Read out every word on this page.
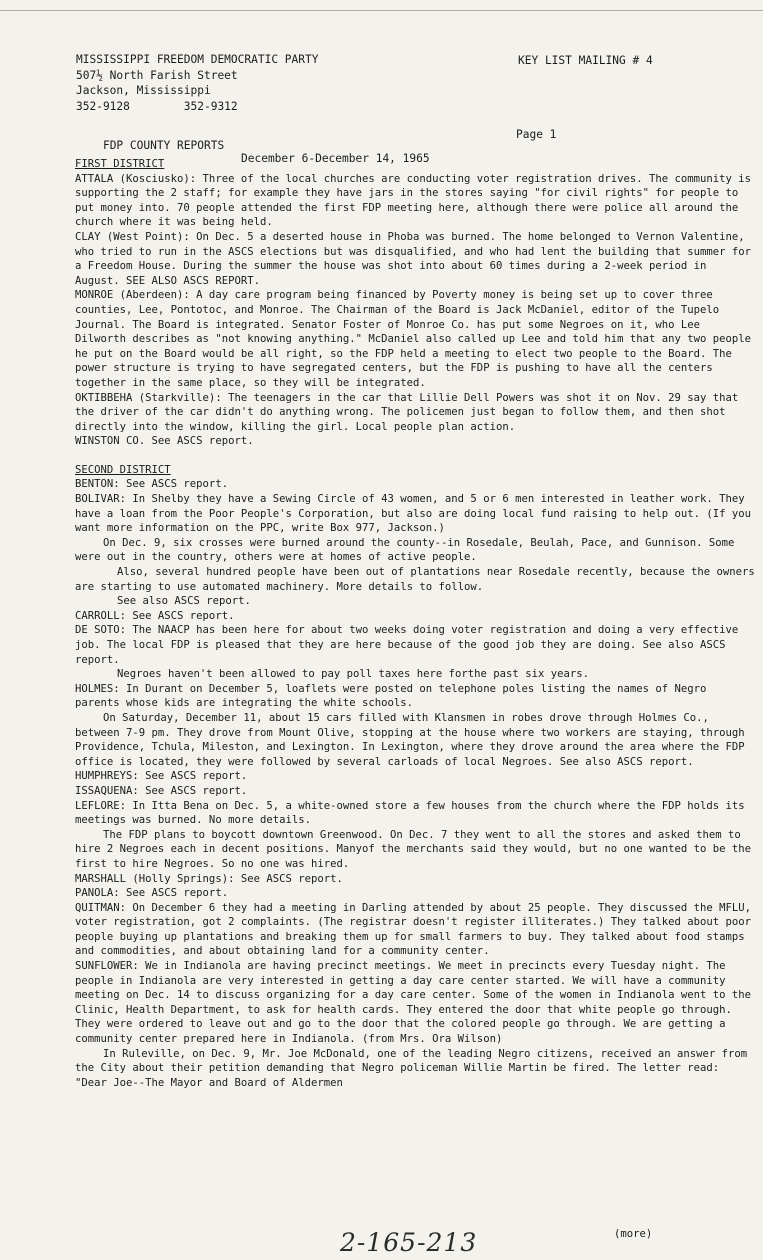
MISSISSIPPI FREEDOM DEMOCRATIC PARTY
507½ North Farish Street
Jackson, Mississippi
352-9128        352-9312
KEY LIST MAILING # 4

FDP COUNTY REPORTS

December 6-December 14, 1965

Page 1

FIRST DISTRICT

ATTALA (Kosciusko): Three of the local churches are conducting voter registration drives. The community is supporting the 2 staff; for example they have jars in the stores saying "for civil rights" for people to put money into. 70 people attended the first FDP meeting here, although there were police all around the church where it was being held.

CLAY (West Point): On Dec. 5 a deserted house in Phoba was burned. The home belonged to Vernon Valentine, who tried to run in the ASCS elections but was disqualified, and who had lent the building that summer for a Freedom House. During the summer the house was shot into about 60 times during a 2-week period in August. SEE ALSO ASCS REPORT.

MONROE (Aberdeen): A day care program being financed by Poverty money is being set up to cover three counties, Lee, Pontotoc, and Monroe. The Chairman of the Board is Jack McDaniel, editor of the Tupelo Journal. The Board is integrated. Senator Foster of Monroe Co. has put some Negroes on it, who Lee Dilworth describes as "not knowing anything." McDaniel also called up Lee and told him that any two people he put on the Board would be all right, so the FDP held a meeting to elect two people to the Board. The power structure is trying to have segregated centers, but the FDP is pushing to have all the centers together in the same place, so they will be integrated.

OKTIBBEHA (Starkville): The teenagers in the car that Lillie Dell Powers was shot it on Nov. 29 say that the driver of the car didn't do anything wrong. The policemen just began to follow them, and then shot directly into the window, killing the girl. Local people plan action.

WINSTON CO. See ASCS report.

SECOND DISTRICT

BENTON: See ASCS report.

BOLIVAR: In Shelby they have a Sewing Circle of 43 women, and 5 or 6 men interested in leather work. They have a loan from the Poor People's Corporation, but also are doing local fund raising to help out. (If you want more information on the PPC, write Box 977, Jackson.)

On Dec. 9, six crosses were burned around the county--in Rosedale, Beulah, Pace, and Gunnison. Some were out in the country, others were at homes of active people.

Also, several hundred people have been out of plantations near Rosedale recently, because the owners are starting to use automated machinery. More details to follow.

See also ASCS report.

CARROLL: See ASCS report.

DE SOTO: The NAACP has been here for about two weeks doing voter registration and doing a very effective job. The local FDP is pleased that they are here because of the good job they are doing. See also ASCS report.

Negroes haven't been allowed to pay poll taxes here forthe past six years.

HOLMES: In Durant on December 5, loaflets were posted on telephone poles listing the names of Negro parents whose kids are integrating the white schools.

On Saturday, December 11, about 15 cars filled with Klansmen in robes drove through Holmes Co., between 7-9 pm. They drove from Mount Olive, stopping at the house where two workers are staying, through Providence, Tchula, Mileston, and Lexington. In Lexington, where they drove around the area where the FDP office is located, they were followed by several carloads of local Negroes. See also ASCS report.

HUMPHREYS: See ASCS report.

ISSAQUENA: See ASCS report.

LEFLORE: In Itta Bena on Dec. 5, a white-owned store a few houses from the church where the FDP holds its meetings was burned. No more details.

The FDP plans to boycott downtown Greenwood. On Dec. 7 they went to all the stores and asked them to hire 2 Negroes each in decent positions. Manyof the merchants said they would, but no one wanted to be the first to hire Negroes. So no one was hired.

MARSHALL (Holly Springs): See ASCS report.

PANOLA: See ASCS report.

QUITMAN: On December 6 they had a meeting in Darling attended by about 25 people. They discussed the MFLU, voter registration, got 2 complaints. (The registrar doesn't register illiterates.) They talked about poor people buying up plantations and breaking them up for small farmers to buy. They talked about food stamps and commodities, and about obtaining land for a community center.

SUNFLOWER: We in Indianola are having precinct meetings. We meet in precincts every Tuesday night. The people in Indianola are very interested in getting a day care center started. We will have a community meeting on Dec. 14 to discuss organizing for a day care center. Some of the women in Indianola went to the Clinic, Health Department, to ask for health cards. They entered the door that white people go through. They were ordered to leave out and go to the door that the colored people go through. We are getting a community center prepared here in Indianola. (from Mrs. Ora Wilson)

In Ruleville, on Dec. 9, Mr. Joe McDonald, one of the leading Negro citizens, received an answer from the City about their petition demanding that Negro policeman Willie Martin be fired. The letter read: "Dear Joe--The Mayor and Board of Aldermen

2-165-213	(more)
